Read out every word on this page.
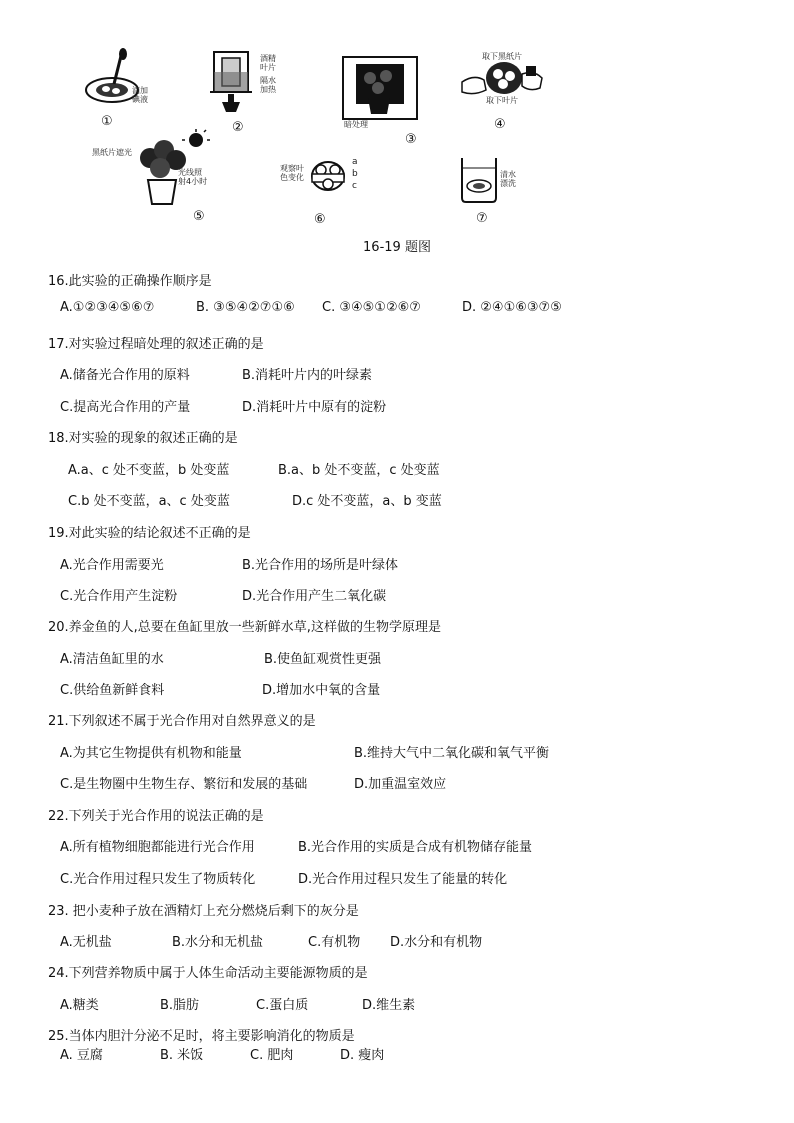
滴加
碘液
①
酒精
叶片
隔水
加热
②	暗处理
③
取下黑纸片
取下叶片
④
黑纸片遮光
光线照
射4小时
⑤
观察叶
色变化
a
b
c
⑥
清水
漂洗
⑦
16-19 题图
16.此实验的正确操作顺序是
A.①②③④⑤⑥⑦	B. ③⑤④②⑦①⑥ C. ③④⑤①②⑥⑦	D. ②④①⑥③⑦⑤
17.对实验过程暗处理的叙述正确的是
A.储备光合作用的原料	B.消耗叶片内的叶绿素
C.提高光合作用的产量	D.消耗叶片中原有的淀粉
18.对实验的现象的叙述正确的是
A.a、c 处不变蓝，b 处变蓝	B.a、b 处不变蓝，c 处变蓝
C.b 处不变蓝，a、c 处变蓝	D.c 处不变蓝，a、b 变蓝
19.对此实验的结论叙述不正确的是
A.光合作用需要光	B.光合作用的场所是叶绿体
C.光合作用产生淀粉	D.光合作用产生二氧化碳
20.养金鱼的人,总要在鱼缸里放一些新鲜水草,这样做的生物学原理是
A.清洁鱼缸里的水	B.使鱼缸观赏性更强
C.供给鱼新鲜食料	D.增加水中氧的含量
21.下列叙述不属于光合作用对自然界意义的是
A.为其它生物提供有机物和能量	B.维持大气中二氧化碳和氧气平衡
C.是生物圈中生物生存、繁衍和发展的基础	D.加重温室效应
22.下列关于光合作用的说法正确的是
A.所有植物细胞都能进行光合作用	B.光合作用的实质是合成有机物储存能量
C.光合作用过程只发生了物质转化	D.光合作用过程只发生了能量的转化
23. 把小麦种子放在酒精灯上充分燃烧后剩下的灰分是
A.无机盐	B.水分和无机盐	C.有机物 D.水分和有机物
24.下列营养物质中属于人体生命活动主要能源物质的是
A.糖类	B.脂肪	C.蛋白质	D.维生素
25.当体内胆汁分泌不足时，将主要影响消化的物质是
A. 豆腐	B. 米饭	C. 肥肉	D. 瘦肉
